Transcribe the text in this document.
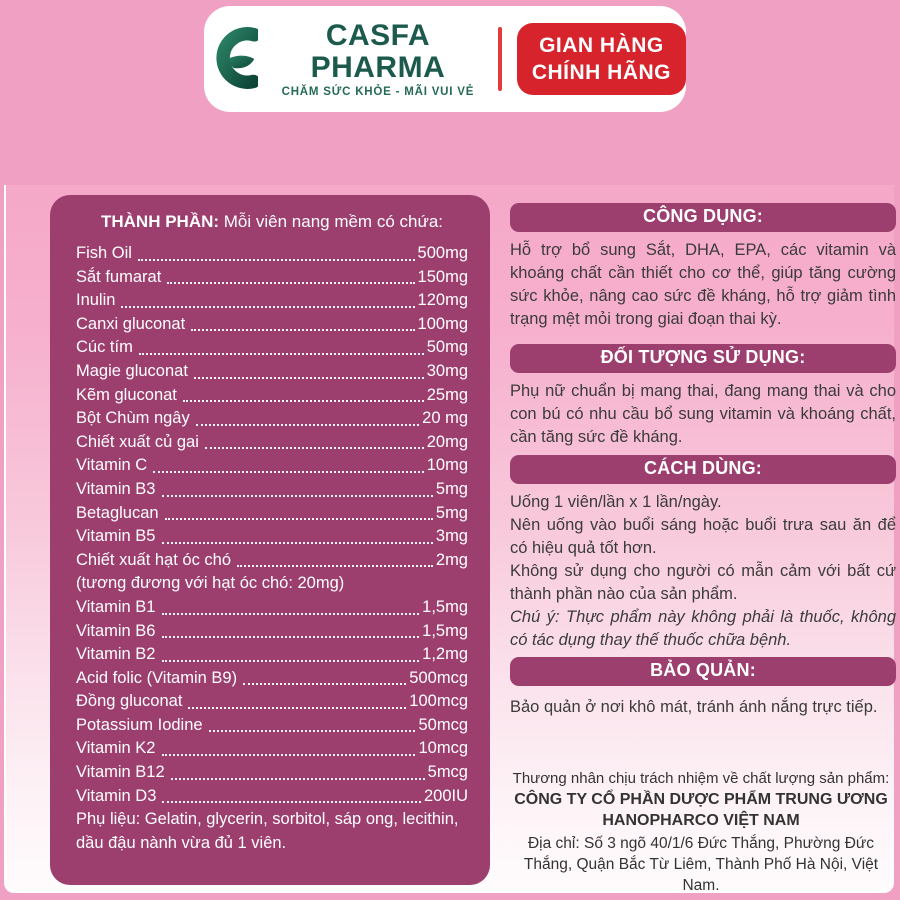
CASFA PHARMA
CHĂM SỨC KHỎE - MÃI VUI VẺ
GIAN HÀNG
CHÍNH HÃNG
THÀNH PHẦN: Mỗi viên nang mềm có chứa:
Fish Oil	500mg
Sắt fumarat	150mg
Inulin	120mg
Canxi gluconat	100mg
Cúc tím	50mg
Magie gluconat	30mg
Kẽm gluconat	25mg
Bột Chùm ngây	20 mg
Chiết xuất củ gai	20mg
Vitamin C	10mg
Vitamin B3	5mg
Betaglucan	5mg
Vitamin B5	3mg
Chiết xuất hạt óc chó	2mg
(tương đương với hạt óc chó: 20mg)
Vitamin B1	1,5mg
Vitamin B6	1,5mg
Vitamin B2	1,2mg
Acid folic (Vitamin B9)	500mcg
Đồng gluconat	100mcg
Potassium Iodine	50mcg
Vitamin K2	10mcg
Vitamin B12	5mcg
Vitamin D3	200IU
Phụ liệu: Gelatin, glycerin, sorbitol, sáp ong, lecithin, dầu đậu nành vừa đủ 1 viên.
CÔNG DỤNG:
Hỗ trợ bổ sung Sắt, DHA, EPA, các vitamin và khoáng chất cần thiết cho cơ thể, giúp tăng cường sức khỏe, nâng cao sức đề kháng, hỗ trợ giảm tình trạng mệt mỏi trong giai đoạn thai kỳ.
ĐỐI TƯỢNG SỬ DỤNG:
Phụ nữ chuẩn bị mang thai, đang mang thai và cho con bú có nhu cầu bổ sung vitamin và khoáng chất, cần tăng sức đề kháng.
CÁCH DÙNG:
Uống 1 viên/lần x 1 lần/ngày.
Nên uống vào buổi sáng hoặc buổi trưa sau ăn để có hiệu quả tốt hơn.
Không sử dụng cho người có mẫn cảm với bất cứ thành phần nào của sản phẩm.
Chú ý: Thực phẩm này không phải là thuốc, không có tác dụng thay thế thuốc chữa bệnh.
BẢO QUẢN:
Bảo quản ở nơi khô mát, tránh ánh nắng trực tiếp.
Thương nhân chịu trách nhiệm về chất lượng sản phẩm:
CÔNG TY CỔ PHẦN DƯỢC PHẨM TRUNG ƯƠNG
HANOPHARCO VIỆT NAM
Địa chỉ: Số 3 ngõ 40/1/6 Đức Thắng, Phường Đức Thắng, Quận Bắc Từ Liêm, Thành Phố Hà Nội, Việt Nam.
